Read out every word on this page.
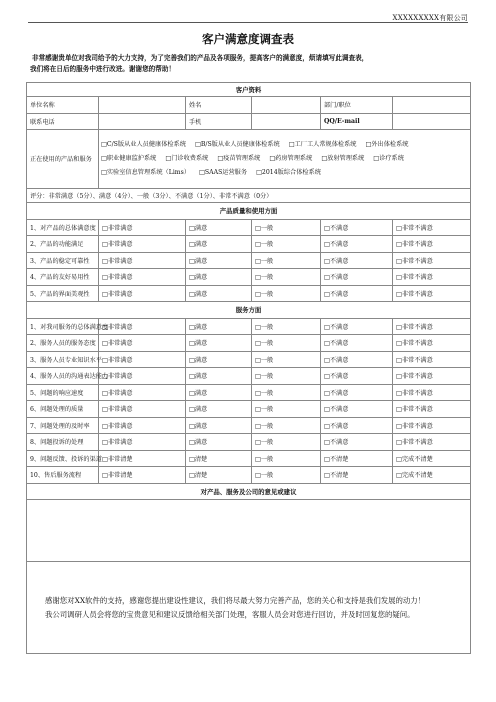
XXXXXXXXX有限公司
客户满意度调查表
非常感谢贵单位对我司给予的大力支持，为了完善我们的产品及各项服务，提高客户的满意度，烦请填写此调查表，
我们将在日后的服务中进行改进。谢谢您的帮助！
客户资料					
单位名称		姓名		部门/职位	
联系电话		手机		QQ/E-mail	
正在使用的产品和服务	□C/S版从业人员健康体检系统 □B/S版从业人员健康体检系统 □工厂工人常规体检系统 □外出体检系统□职业健康监护系统 □门诊收费系统 □疫苗管理系统 □药房管理系统 □放射管理系统 □诊疗系统□实验室信息管理系统（Lims） □SAAS运营服务 □2014版综合体检系统				
评分：非常满意（5分）、满意（4分）、一般（3分）、不满意（1分）、非常不满意（0分）					
产品质量和使用方面					
1、对产品的总体满意度	□非常满意	□满意	□一般	□不满意	□非常不满意
2、产品的功能满足	□非常满意	□满意	□一般	□不满意	□非常不满意
3、产品的稳定可靠性	□非常满意	□满意	□一般	□不满意	□非常不满意
4、产品的友好易用性	□非常满意	□满意	□一般	□不满意	□非常不满意
5、产品的界面美观性	□非常满意	□满意	□一般	□不满意	□非常不满意
服务方面					
1、对我司服务的总体满意度	□非常满意	□满意	□一般	□不满意	□非常不满意
2、服务人员的服务态度	□非常满意	□满意	□一般	□不满意	□非常不满意
3、服务人员专业知识水平	□非常满意	□满意	□一般	□不满意	□非常不满意
4、服务人员的沟通表达能力	□非常满意	□满意	□一般	□不满意	□非常不满意
5、问题的响应速度	□非常满意	□满意	□一般	□不满意	□非常不满意
6、问题处理的质量	□非常满意	□满意	□一般	□不满意	□非常不满意
7、问题处理的及时率	□非常满意	□满意	□一般	□不满意	□非常不满意
8、问题投诉的处理	□非常满意	□满意	□一般	□不满意	□非常不满意
9、问题反馈、投诉的渠道	□非常清楚	□清楚	□一般	□不清楚	□完成不清楚
10、售后服务流程	□非常清楚	□清楚	□一般	□不清楚	□完成不清楚
对产品、服务及公司的意见或建议					

感谢您对XX软件的支持，感谢您提出建设性建议，我们将尽最大努力完善产品，您的关心和支持是我们发展的动力！

我公司调研人员会将您的宝贵意见和建议反馈给相关部门处理，客服人员会对您进行回访，并及时回复您的疑问。					
